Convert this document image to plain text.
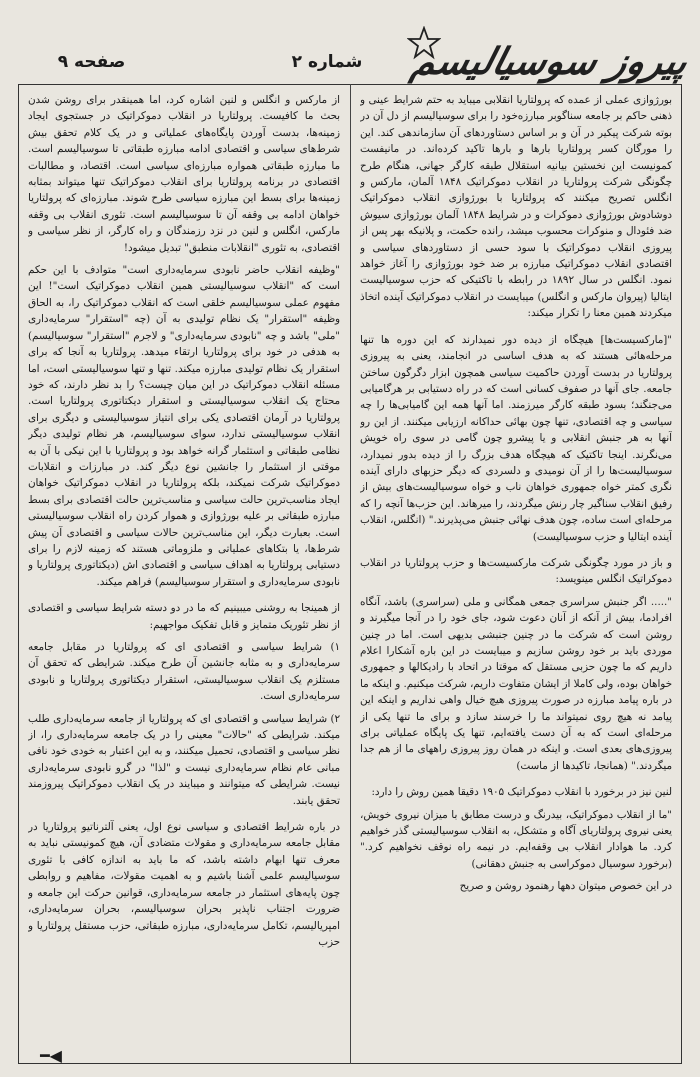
پیروز سوسیالیسم
شماره ۲
صفحه ۹

بورژوازی عملی از عمده که پرولتاریا انقلابی میباید به حتم شرایط عینی و ذهنی حاکم بر جامعه سناگوبر مبارزه‌خود را برای سوسیالیسم از دل آن در بوته شرکت پیکیر در آن و بر اساس دستاوردهای آن سازماندهی کند. این را مورگان کسر پرولتاریا بارها و بارها تاکید کرده‌اند. در مانیفست کمونیست این نخستین بیانیه استقلال طبقه کارگر جهانی، هنگام طرح چگونگی شرکت پرولتاریا در انقلاب دموکراتیک ۱۸۴۸ آلمان، مارکس و انگلس تصریح میکنند که پرولتاریا با بورژوازی انقلاب دموکراتیک دوشادوش بورژوازی دموکرات و در شرایط ۱۸۴۸ آلمان بورژوازی سیوش ضد فئودال و منوکرات محسوب میشد، رانده حکمت، و پلانیکه بهر پس از پیروزی انقلاب دموکراتیک با سود حسی از دستاوردهای سیاسی و اقتصادی انقلاب دموکراتیک مبارزه بر ضد خود بورژوازی را آغاز خواهد نمود. انگلس در سال ۱۸۹۲ در رابطه با تاکتیکی که حزب سوسیالیست ایتالیا (پیروان مارکس و انگلس) میبایست در انقلاب دموکراتیک آینده اتخاذ میکردند همین معنا را تکرار میکند:

"[مارکسیست‌ها] هیچگاه از دیده دور نمیدارند که این دوره ها تنها مرحله‌هائی هستند که به هدف اساسی در انجامند، یعنی به پیروزی پرولتاریا در بدست آوردن حاکمیت سیاسی همچون ابزار دگرگون ساختن جامعه. جای آنها در صفوف کسانی است که در راه دستیابی بر هرگامیابی می‌جنگند؛ بسود طبقه کارگر میرزمند. اما آنها همه این گامیابی‌ها را چه سیاسی و چه اقتصادی، تنها چون بهائی حداکانه ارزیابی میکنند. از این رو آنها به هر جنبش انقلابی و یا پیشرو چون گامی در سوی راه خویش می‌نگرند. اینجا تاکتیک که هیچگاه هدف بزرگ را از دیده بدور نمیدارد، سوسیالیست‌ها را از آن نومیدی و دلسردی که دیگر حزبهای دارای آینده نگری کمتر خواه جمهوری خواهان ناب و خواه سوسیالیست‌های بیش از رفیق انقلاب سناگیر چار رنش میگردند، را میرهاند. این حزب‌ها آنچه را که مرحله‌ای است ساده، چون هدف نهائی جنبش می‌پذیرند." (انگلس، انقلاب آینده ایتالیا و حزب سوسیالیست)

و باز در مورد چگونگی شرکت مارکسیست‌ها و حزب پرولتاریا در انقلاب دموکراتیک انگلس مینویسد:

"..... اگر جنبش سراسری جمعی همگانی و ملی (سراسری) باشد، آنگاه افرادما، بیش از آنکه از آنان دعوت شود، جای خود را در آنجا میگیرند و روشن است که شرکت ما در چنین جنبشی بدیهی است. اما در چنین موردی باید بر خود روشن سازیم و میبایست در این باره آشکارا اعلام داریم که ما چون حزبی مستقل که موقتا در اتحاد با رادیکالها و جمهوری خواهان بوده، ولی کاملا از ایشان متفاوت داریم، شرکت میکنیم. و اینکه ما در باره پیامد مبارزه در صورت پیروزی هیچ خیال واهی نداریم و اینکه این پیامد نه هیچ روی نمیتواند ما را خرسند سازد و برای ما تنها یکی از مرحله‌ای است که به آن دست یافته‌ایم، تنها یک پایگاه عملیاتی برای پیروزی‌های بعدی است. و اینکه در همان روز پیروزی راههای ما از هم جدا میگردند." (همانجا، تاکیدها از ماست)

لنین نیز در برخورد با انقلاب دموکراتیک ۱۹۰۵ دقیقا همین روش را دارد:

"ما از انقلاب دموکراتیک، بیدرنگ و درست مطابق با میزان نیروی خویش، یعنی نیروی پرولتاریای آگاه و متشکل، به انقلاب سوسیالیستی گذر خواهیم کرد. ما هوادار انقلاب بی وقفه‌ایم. در نیمه راه نوقف نخواهیم کرد." (برخورد سوسیال دموکراسی به جنبش دهقانی)

در این خصوص میتوان دهها رهنمود روشن و صریح

از مارکس و انگلس و لنین اشاره کرد، اما همینقدر برای روشن شدن بحث ما کافیست. پرولتاریا در انقلاب دموکراتیک در جستجوی ایجاد زمینه‌ها، بدست آوردن پایگاه‌های عملیاتی و در یک کلام تحقق بیش شرط‌های سیاسی و اقتصادی ادامه مبارزه طبقاتی تا سوسیالیسم است. ما مبارزه طبقاتی همواره مبارزه‌ای سیاسی است. اقتصاد، و مطالبات اقتصادی در برنامه پرولتاریا برای انقلاب دموکراتیک تنها میتواند بمثابه زمینه‌ها برای بسط این مبارزه سیاسی طرح شوند. مبارزه‌ای که پرولتاریا خواهان ادامه بی وقفه آن تا سوسیالیسم است. تئوری انقلاب بی وقفه مارکس، انگلس و لنین در نزد رزمندگان و راه کارگر، از نظر سیاسی و اقتصادی، به تئوری "انقلابات منطبق" تبدیل میشود!

"وظیفه انقلاب حاضر نابودی سرمایه‌داری است" متوادف با این حکم است که "انقلاب سوسیالیستی همین انقلاب دموکراتیک است"! این مفهوم عملی سوسیالیسم خلقی است که انقلاب دموکراتیک را، به الحاق وظیفه "استقرار" یک نظام تولیدی به آن (چه "استقرار" سرمایه‌داری "ملی" باشد و چه "نابودی سرمایه‌داری" و لاجرم "استقرار" سوسیالیسم) به هدفی در خود برای پرولتاریا ارتقاء میدهد. پرولتاریا به آنجا که برای استقرار یک نظام تولیدی مبارزه میکند. تنها و تنها سوسیالیستی است، اما مسئله انقلاب دموکراتیک در این میان چیست؟ را بد نظر دارند، که خود محتاج یک انقلاب سوسیالیستی و استقرار دیکتاتوری پرولتاریا است. پرولتاریا در آرمان اقتصادی یکی برای انتیاز سوسیالیستی و دیگری برای انقلاب سوسیالیستی ندارد، سوای سوسیالیسم، هر نظام تولیدی دیگر نظامی طبقاتی و استثمار گرانه خواهد بود و پرولتاریا با این نیکی با آن به موقتی از استثمار را جانشین نوع دیگر کند. در مبارزات و انقلابات دموکراتیک شرکت نمیکند، بلکه پرولتاریا در انقلاب دموکراتیک خواهان ایجاد مناسب‌ترین حالت سیاسی و مناسب‌ترین حالت اقتصادی برای بسط مبارزه طبقاتی بر علیه بورژوازی و هموار کردن راه انقلاب سوسیالیستی است. بعبارت دیگر، این مناسب‌ترین حالات سیاسی و اقتصادی آن پیش شرط‌ها، یا بتکاهای عملیاتی و ملزوماتی هستند که زمینه لازم را برای دستیابی پرولتاریا به اهداف سیاسی و اقتصادی اش (دیکتاتوری پرولتاریا و نابودی سرمایه‌داری و استقرار سوسیالیسم) فراهم میکند.

از همینجا به روشنی میبینیم که ما در دو دسته شرایط سیاسی و اقتصادی از نظر تئوریک متمایز و قابل تفکیک مواجهیم:

۱) شرایط سیاسی و اقتصادی ای که پرولتاریا در مقابل جامعه سرمایه‌داری و به مثابه جانشین آن طرح میکند. شرایطی که تحقق آن مستلزم یک انقلاب سوسیالیستی، استقرار دیکتاتوری پرولتاریا و نابودی سرمایه‌داری است.

۲) شرایط سیاسی و اقتصادی ای که پرولتاریا از جامعه سرمایه‌داری طلب میکند. شرایطی که "حالات" معینی را در یک جامعه سرمایه‌داری را، از نظر سیاسی و اقتصادی، تحمیل میکنند، و به این اعتبار به خودی خود نافی مبانی عام نظام سرمایه‌داری نیست و "لذا" در گرو نابودی سرمایه‌داری نیست. شرایطی که میتوانند و میبایند در یک انقلاب دموکراتیک پیروزمند تحقق یابند.

در باره شرایط اقتصادی و سیاسی نوع اول، یعنی آلترناتیو پرولتاریا در مقابل جامعه سرمایه‌داری و مقولات متضادی آن، هیچ کمونیستی نباید به معرف تنها ابهام داشته باشد، که ما باید به اندازه کافی با تئوری سوسیالیسم علمی آشنا باشیم و به اهمیت مقولات، مفاهیم و روابطی چون پایه‌های استثمار در جامعه سرمایه‌داری، قوانین حرکت این جامعه و ضرورت اجتناب ناپذیر بحران سوسیالیسم، بحران سرمایه‌داری، امپریالیسم، تکامل سرمایه‌داری، مبارزه طبقاتی، حزب مستقل پرولتاریا و حزب

◀━
